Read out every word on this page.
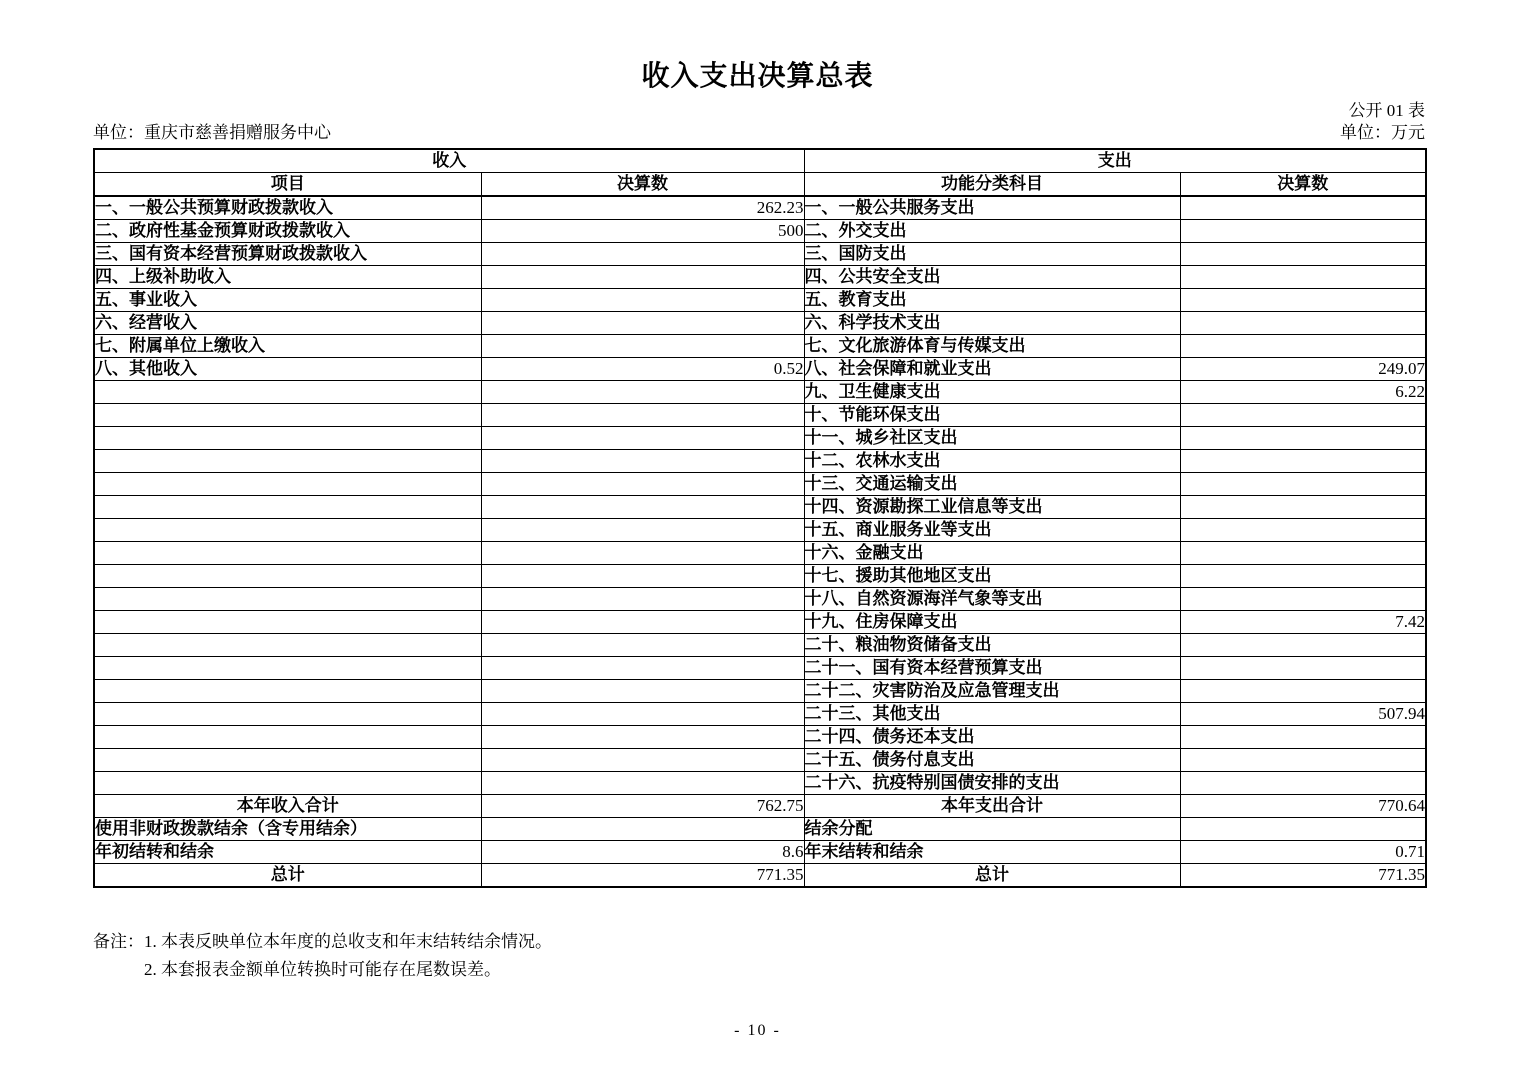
收入支出决算总表
公开 01 表
单位：重庆市慈善捐赠服务中心	单位：万元
收入		支出	
项目	决算数	功能分类科目	决算数
一、一般公共预算财政拨款收入	262.23	一、一般公共服务支出	
二、政府性基金预算财政拨款收入	500	二、外交支出	
三、国有资本经营预算财政拨款收入		三、国防支出	
四、上级补助收入		四、公共安全支出	
五、事业收入		五、教育支出	
六、经营收入		六、科学技术支出	
七、附属单位上缴收入		七、文化旅游体育与传媒支出	
八、其他收入	0.52	八、社会保障和就业支出	249.07
		九、卫生健康支出	6.22
		十、节能环保支出	
		十一、城乡社区支出	
		十二、农林水支出	
		十三、交通运输支出	
		十四、资源勘探工业信息等支出	
		十五、商业服务业等支出	
		十六、金融支出	
		十七、援助其他地区支出	
		十八、自然资源海洋气象等支出	
		十九、住房保障支出	7.42
		二十、粮油物资储备支出	
		二十一、国有资本经营预算支出	
		二十二、灾害防治及应急管理支出	
		二十三、其他支出	507.94
		二十四、债务还本支出	
		二十五、债务付息支出	
		二十六、抗疫特别国债安排的支出	
本年收入合计	762.75	本年支出合计	770.64
使用非财政拨款结余（含专用结余）		结余分配	
年初结转和结余	8.6	年末结转和结余	0.71
总计	771.35	总计	771.35
备注： 1. 本表反映单位本年度的总收支和年末结转结余情况。
2. 本套报表金额单位转换时可能存在尾数误差。
- 10 -
